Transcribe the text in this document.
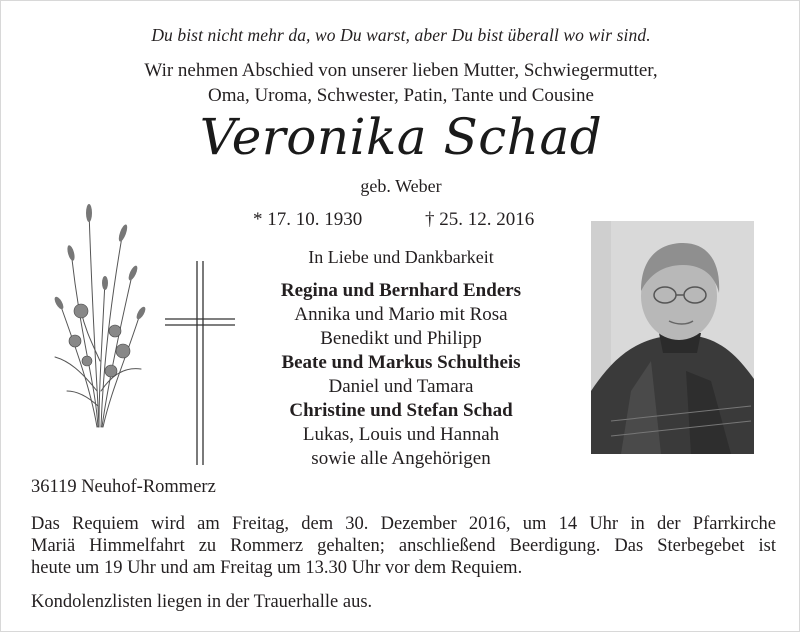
Du bist nicht mehr da, wo Du warst, aber Du bist überall wo wir sind.
Wir nehmen Abschied von unserer lieben Mutter, Schwiegermutter,
Oma, Uroma, Schwester, Patin, Tante und Cousine
Veronika Schad
geb. Weber
* 17. 10. 1930	† 25. 12. 2016
In Liebe und Dankbarkeit
Regina und Bernhard Enders
Annika und Mario mit Rosa
Benedikt und Philipp
Beate und Markus Schultheis
Daniel und Tamara
Christine und Stefan Schad
Lukas, Louis und Hannah
sowie alle Angehörigen
36119 Neuhof-Rommerz
Das Requiem wird am Freitag, dem 30. Dezember 2016, um 14 Uhr in der Pfarrkirche
Mariä Himmelfahrt zu Rommerz gehalten; anschließend Beerdigung. Das Sterbegebet ist
heute um 19 Uhr und am Freitag um 13.30 Uhr vor dem Requiem.
Kondolenzlisten liegen in der Trauerhalle aus.
